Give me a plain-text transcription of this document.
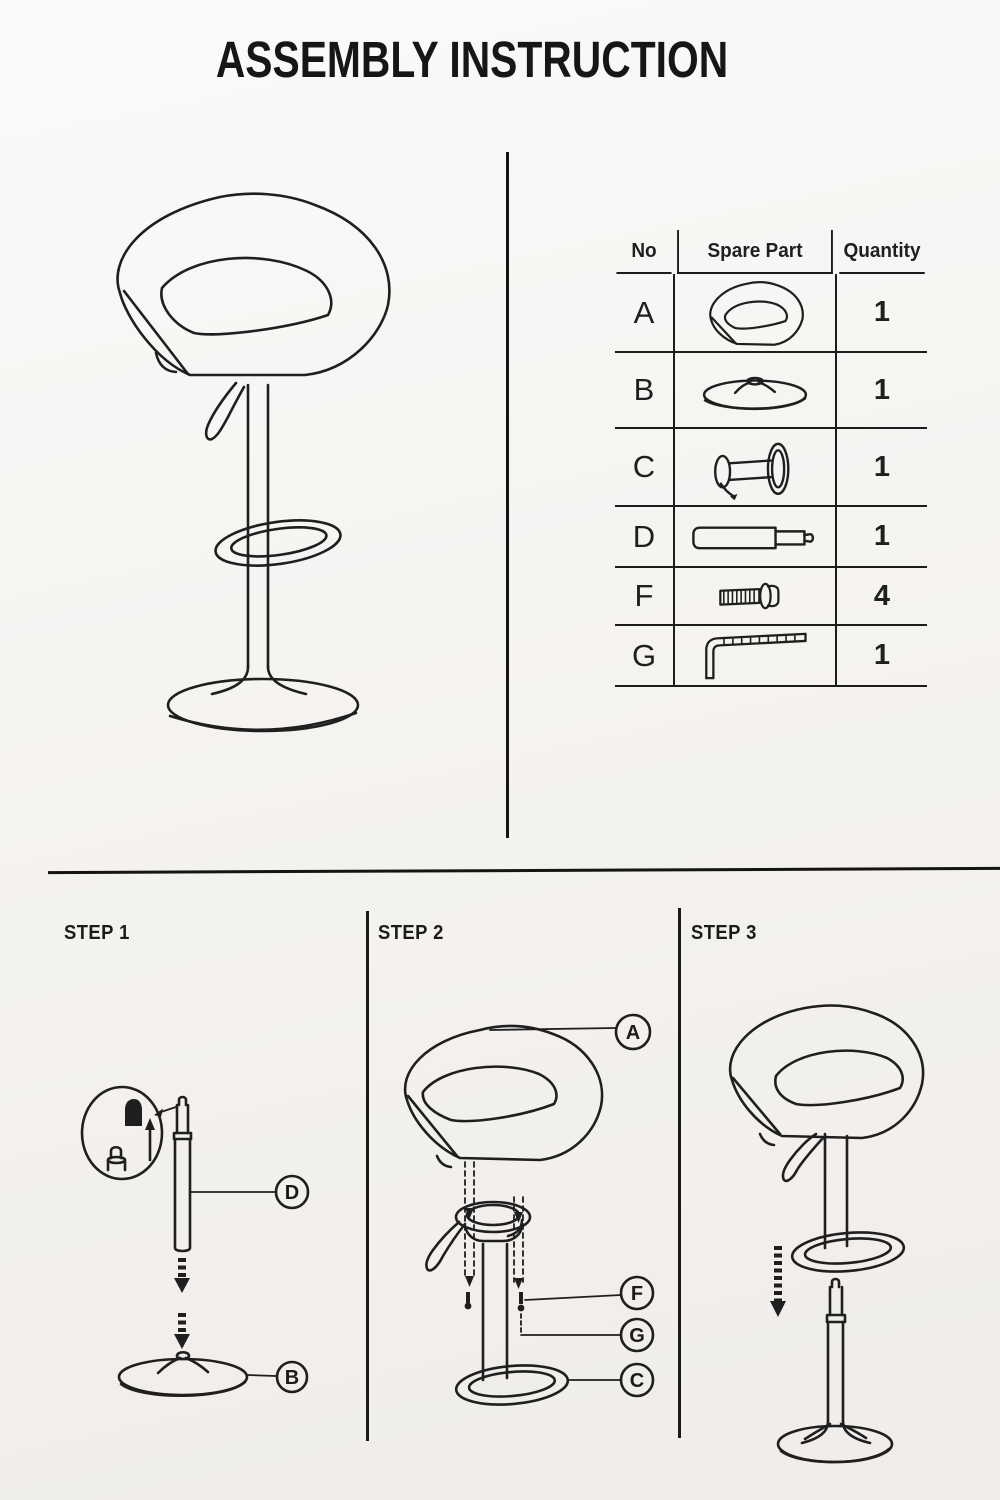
ASSEMBLY INSTRUCTION
No	Spare Part	Quantity
A	1
B	1
C	1
D	1
F	4
G	1
STEP 1	STEP 2	STEP 3
D
B
A
F
G
C
